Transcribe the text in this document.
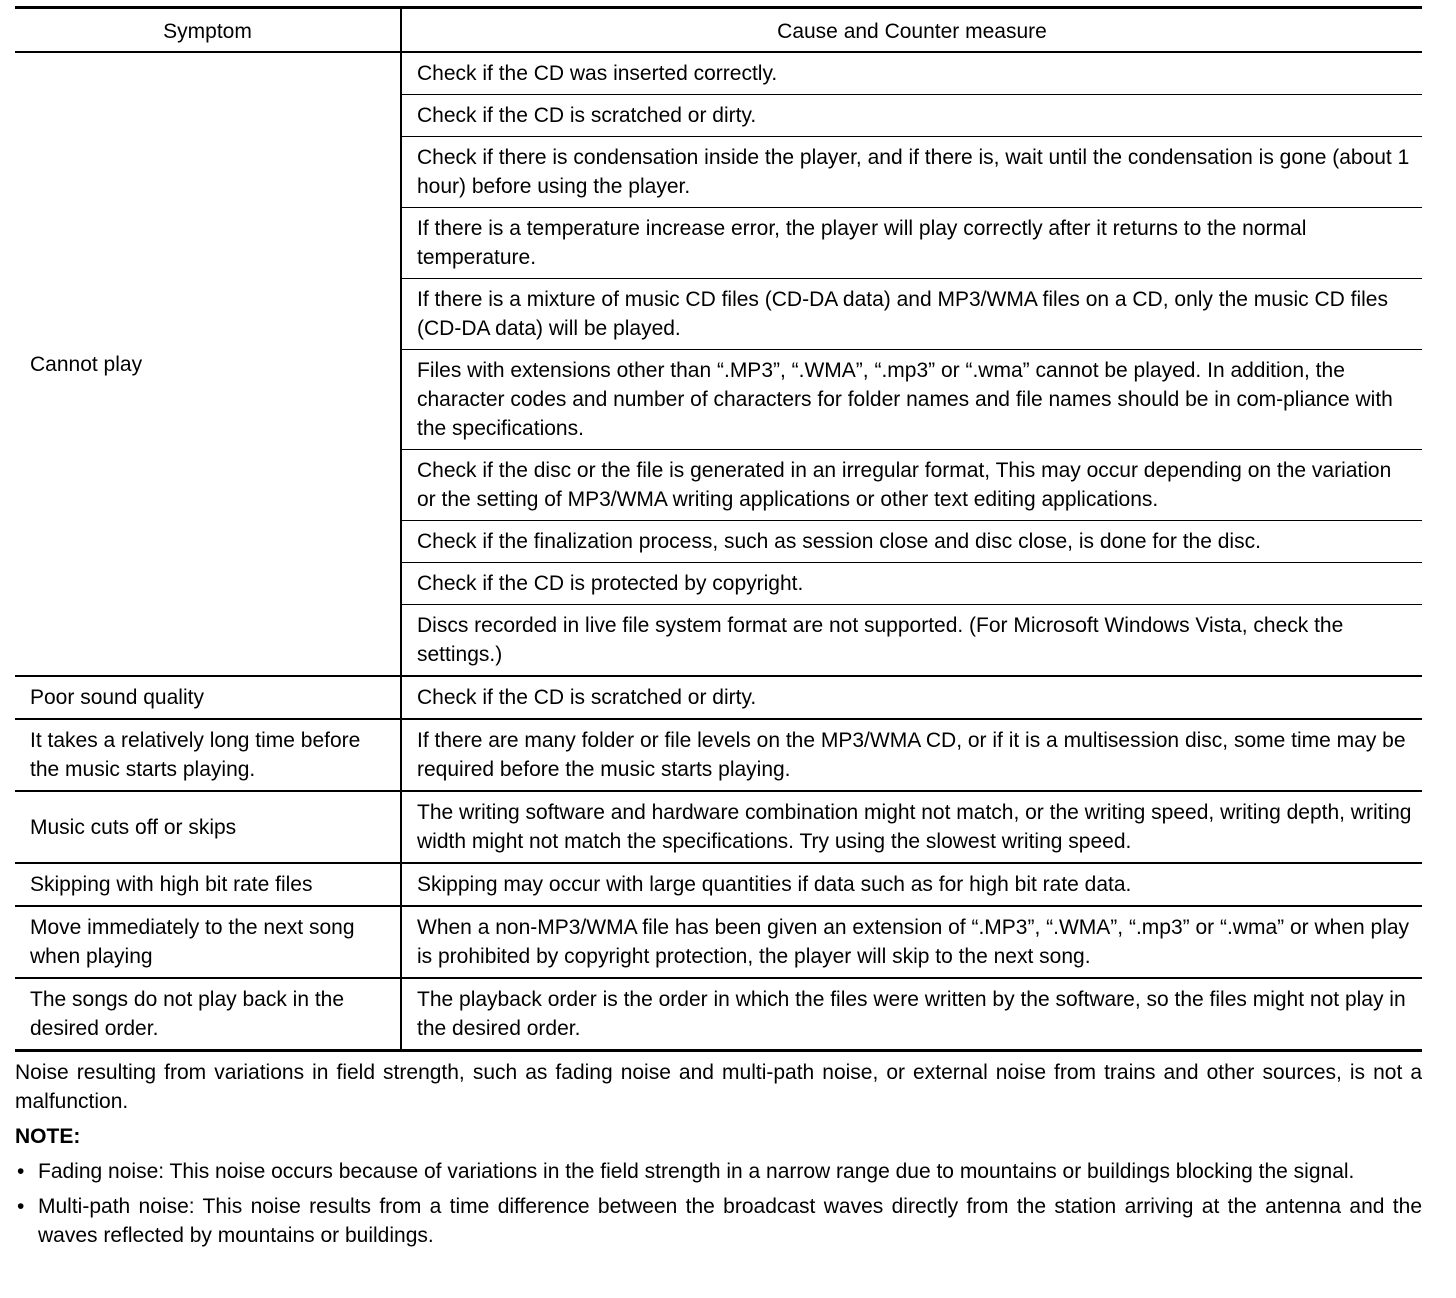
Symptom	Cause and Counter measure
Cannot play	Check if the CD was inserted correctly.
	Check if the CD is scratched or dirty.
	Check if there is condensation inside the player, and if there is, wait until the condensation is gone (about 1 hour) before using the player.
	If there is a temperature increase error, the player will play correctly after it returns to the normal temperature.
	If there is a mixture of music CD files (CD-DA data) and MP3/WMA files on a CD, only the music CD files (CD-DA data) will be played.
	Files with extensions other than “.MP3”, “.WMA”, “.mp3” or “.wma” cannot be played. In addition, the character codes and number of characters for folder names and file names should be in com-pliance with the specifications.
	Check if the disc or the file is generated in an irregular format, This may occur depending on the variation or the setting of MP3/WMA writing applications or other text editing applications.
	Check if the finalization process, such as session close and disc close, is done for the disc.
	Check if the CD is protected by copyright.
	Discs recorded in live file system format are not supported. (For Microsoft Windows Vista, check the settings.)
Poor sound quality	Check if the CD is scratched or dirty.
It takes a relatively long time before the music starts playing.	If there are many folder or file levels on the MP3/WMA CD, or if it is a multisession disc, some time may be required before the music starts playing.
Music cuts off or skips	The writing software and hardware combination might not match, or the writing speed, writing depth, writing width might not match the specifications. Try using the slowest writing speed.
Skipping with high bit rate files	Skipping may occur with large quantities if data such as for high bit rate data.
Move immediately to the next song when playing	When a non-MP3/WMA file has been given an extension of “.MP3”, “.WMA”, “.mp3” or “.wma” or when play is prohibited by copyright protection, the player will skip to the next song.
The songs do not play back in the desired order.	The playback order is the order in which the files were written by the software, so the files might not play in the desired order.

Noise resulting from variations in field strength, such as fading noise and multi-path noise, or external noise from trains and other sources, is not a malfunction.

NOTE:

• Fading noise: This noise occurs because of variations in the field strength in a narrow range due to mountains or buildings blocking the signal.
• Multi-path noise: This noise results from a time difference between the broadcast waves directly from the station arriving at the antenna and the waves reflected by mountains or buildings.
